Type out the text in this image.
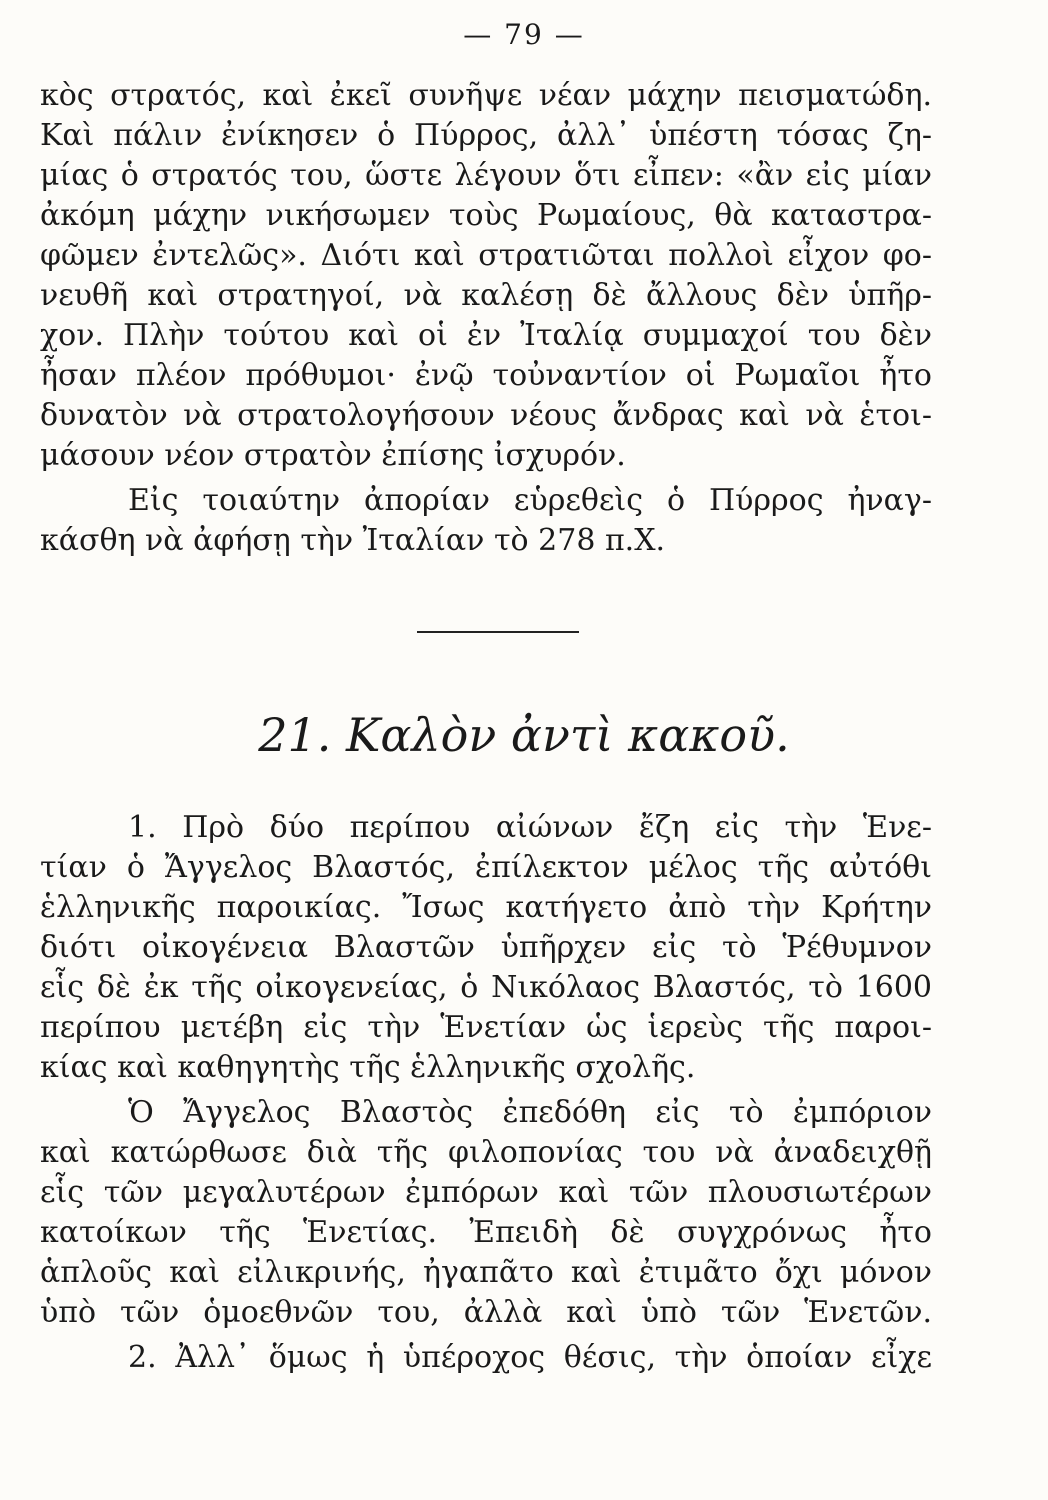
— 79 —
κὸς στρατός, καὶ ἐκεῖ συνῆψε νέαν μάχην πεισματώδη.
Καὶ πάλιν ἐνίκησεν ὁ Πύρρος, ἀλλ᾽ ὑπέστη τόσας ζη-
μίας ὁ στρατός του, ὥστε λέγουν ὅτι εἶπεν: «ἂν εἰς μίαν
ἀκόμη μάχην νικήσωμεν τοὺς Ρωμαίους, θὰ καταστρα-
φῶμεν ἐντελῶς». Διότι καὶ στρατιῶται πολλοὶ εἶχον φο-
νευθῆ καὶ στρατηγοί, νὰ καλέσῃ δὲ ἄλλους δὲν ὑπῆρ-
χον. Πλὴν τούτου καὶ οἱ ἐν Ἰταλίᾳ συμμαχοί του δὲν
ἦσαν πλέον πρόθυμοι· ἐνῷ τοὐναντίον οἱ Ρωμαῖοι ἦτο
δυνατὸν νὰ στρατολογήσουν νέους ἄνδρας καὶ νὰ ἑτοι-
μάσουν νέον στρατὸν ἐπίσης ἰσχυρόν.
Εἰς τοιαύτην ἀπορίαν εὑρεθεὶς ὁ Πύρρος ἠναγ-
κάσθη νὰ ἀφήσῃ τὴν Ἰταλίαν τὸ 278 π.Χ.
21. Καλὸν ἀντὶ κακοῦ.
1. Πρὸ δύο περίπου αἰώνων ἔζη εἰς τὴν Ἑνε-
τίαν ὁ Ἄγγελος Βλαστός, ἐπίλεκτον μέλος τῆς αὐτόθι
ἑλληνικῆς παροικίας. Ἴσως κατήγετο ἀπὸ τὴν Κρήτην
διότι οἰκογένεια Βλαστῶν ὑπῆρχεν εἰς τὸ Ῥέθυμνον
εἷς δὲ ἐκ τῆς οἰκογενείας, ὁ Νικόλαος Βλαστός, τὸ 1600
περίπου μετέβη εἰς τὴν Ἑνετίαν ὡς ἱερεὺς τῆς παροι-
κίας καὶ καθηγητὴς τῆς ἑλληνικῆς σχολῆς.
Ὁ Ἄγγελος Βλαστὸς ἐπεδόθη εἰς τὸ ἐμπόριον
καὶ κατώρθωσε διὰ τῆς φιλοπονίας του νὰ ἀναδειχθῇ
εἷς τῶν μεγαλυτέρων ἐμπόρων καὶ τῶν πλουσιωτέρων
κατοίκων τῆς Ἑνετίας. Ἐπειδὴ δὲ συγχρόνως ἦτο
ἁπλοῦς καὶ εἰλικρινής, ἠγαπᾶτο καὶ ἐτιμᾶτο ὄχι μόνον
ὑπὸ τῶν ὁμοεθνῶν του, ἀλλὰ καὶ ὑπὸ τῶν Ἑνετῶν.
2. Ἀλλ᾽ ὅμως ἡ ὑπέροχος θέσις, τὴν ὁποίαν εἶχε
